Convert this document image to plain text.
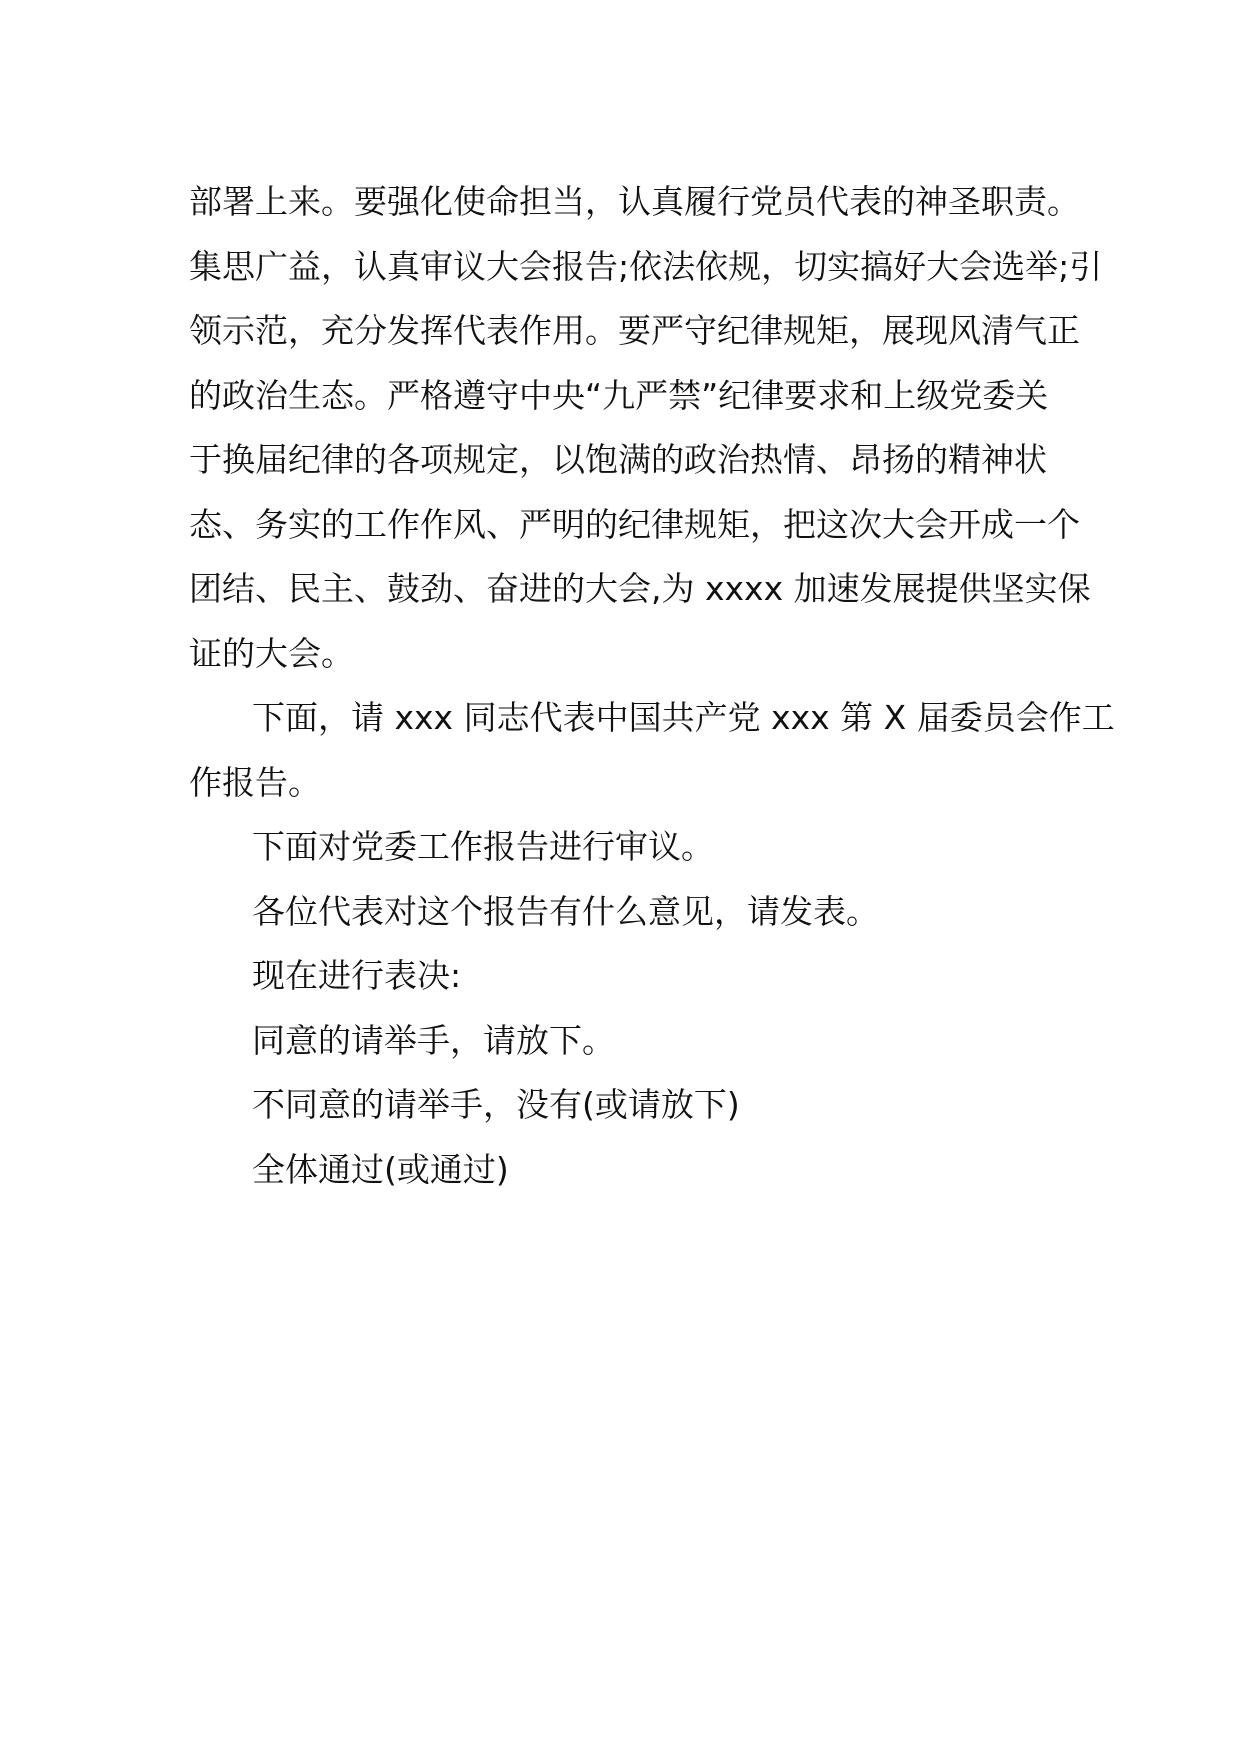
部署上来。要强化使命担当，认真履行党员代表的神圣职责。
集思广益，认真审议大会报告;依法依规，切实搞好大会选举;引
领示范，充分发挥代表作用。要严守纪律规矩，展现风清气正
的政治生态。严格遵守中央“九严禁”纪律要求和上级党委关
于换届纪律的各项规定，以饱满的政治热情、昂扬的精神状
态、务实的工作作风、严明的纪律规矩，把这次大会开成一个
团结、民主、鼓劲、奋进的大会,为 xxxx 加速发展提供坚实保
证的大会。
下面，请 xxx 同志代表中国共产党 xxx 第 X 届委员会作工
作报告。
下面对党委工作报告进行审议。
各位代表对这个报告有什么意见，请发表。
现在进行表决:
同意的请举手，请放下。
不同意的请举手，没有(或请放下)
全体通过(或通过)
